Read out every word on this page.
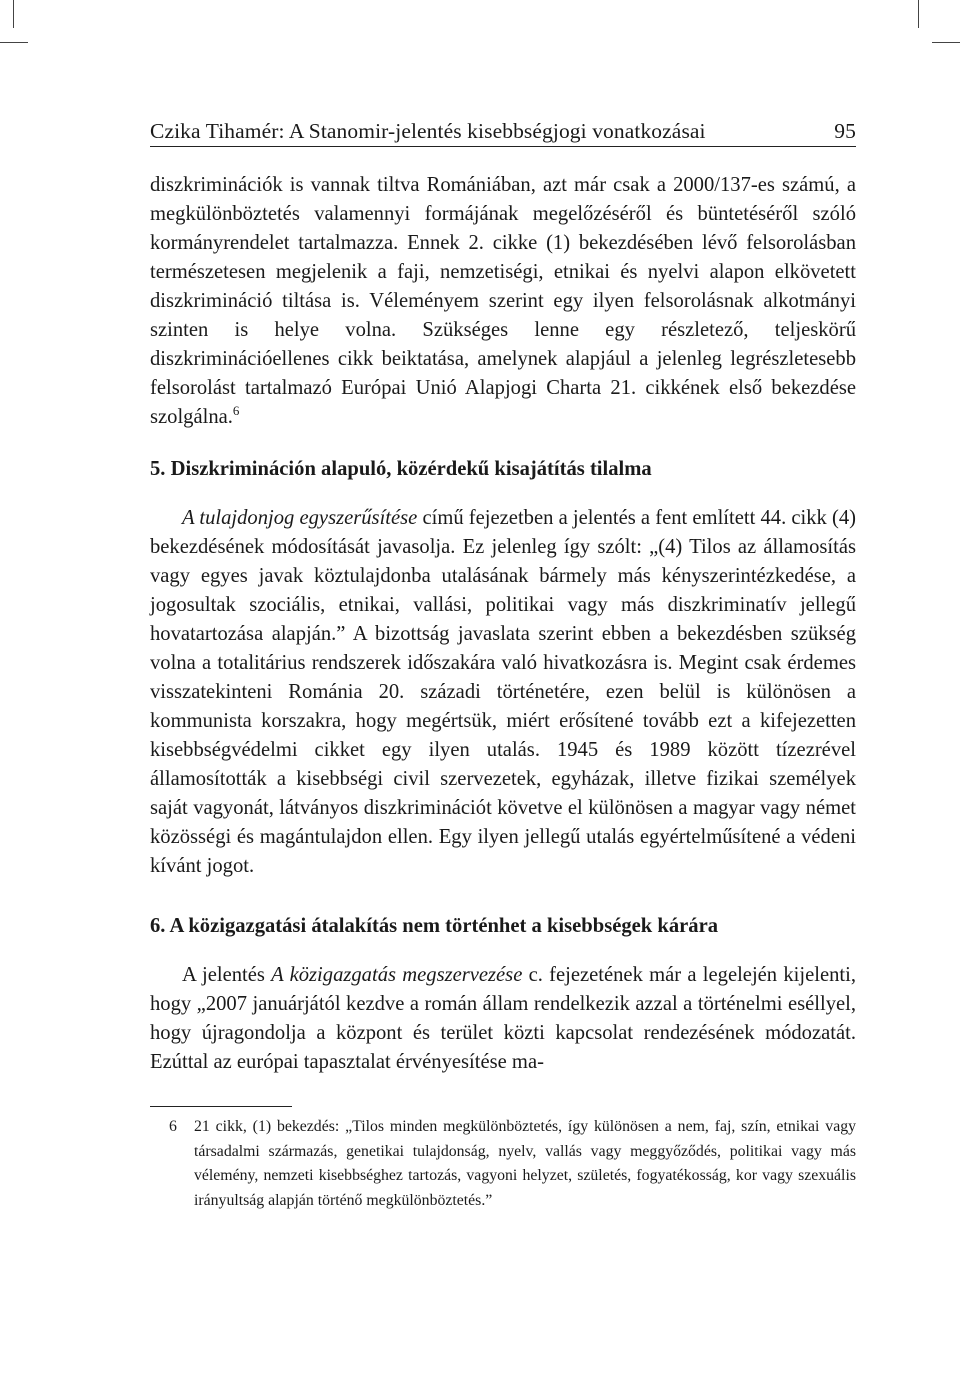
Czika Tihamér: A Stanomir-jelentés kisebbségjogi vonatkozásai	95

diszkriminációk is vannak tiltva Romániában, azt már csak a 2000/137-es számú, a megkülönböztetés valamennyi formájának megelőzéséről és büntetéséről szóló kormányrendelet tartalmazza. Ennek 2. cikke (1) bekezdésében lévő felsorolásban természetesen megjelenik a faji, nemzetiségi, etnikai és nyelvi alapon elkövetett diszkrimináció tiltása is. Véleményem szerint egy ilyen felsorolásnak alkotmányi szinten is helye volna. Szükséges lenne egy részletező, teljeskörű diszkriminációellenes cikk beiktatása, amelynek alapjául a jelenleg legrészletesebb felsorolást tartalmazó Európai Unió Alapjogi Charta 21. cikkének első bekezdése szolgálna.$^6$

5. Diszkrimináción alapuló, közérdekű kisajátítás tilalma

A tulajdonjog egyszerűsítése című fejezetben a jelentés a fent említett 44. cikk (4) bekezdésének módosítását javasolja. Ez jelenleg így szólt: „(4) Tilos az államosítás vagy egyes javak köztulajdonba utalásának bármely más kényszerintézkedése, a jogosultak szociális, etnikai, vallási, politikai vagy más diszkriminatív jellegű hovatartozása alapján.” A bizottság javaslata szerint ebben a bekezdésben szükség volna a totalitárius rendszerek időszakára való hivatkozásra is. Megint csak érdemes visszatekinteni Románia 20. századi történetére, ezen belül is különösen a kommunista korszakra, hogy megértsük, miért erősítené tovább ezt a kifejezetten kisebbségvédelmi cikket egy ilyen utalás. 1945 és 1989 között tízezrével államosították a kisebbségi civil szervezetek, egyházak, illetve fizikai személyek saját vagyonát, látványos diszkriminációt követve el különösen a magyar vagy német közösségi és magántulajdon ellen. Egy ilyen jellegű utalás egyértelműsítené a védeni kívánt jogot.

6. A közigazgatási átalakítás nem történhet a kisebbségek kárára

A jelentés A közigazgatás megszervezése c. fejezetének már a legelején kijelenti, hogy „2007 januárjától kezdve a román állam rendelkezik azzal a történelmi eséllyel, hogy újragondolja a központ és terület közti kapcsolat rendezésének módozatát. Ezúttal az európai tapasztalat érvényesítése ma-

6 21 cikk, (1) bekezdés: „Tilos minden megkülönböztetés, így különösen a nem, faj, szín, etnikai vagy társadalmi származás, genetikai tulajdonság, nyelv, vallás vagy meggyőződés, politikai vagy más vélemény, nemzeti kisebbséghez tartozás, vagyoni helyzet, születés, fogyatékosság, kor vagy szexuális irányultság alapján történő megkülönböztetés.”
